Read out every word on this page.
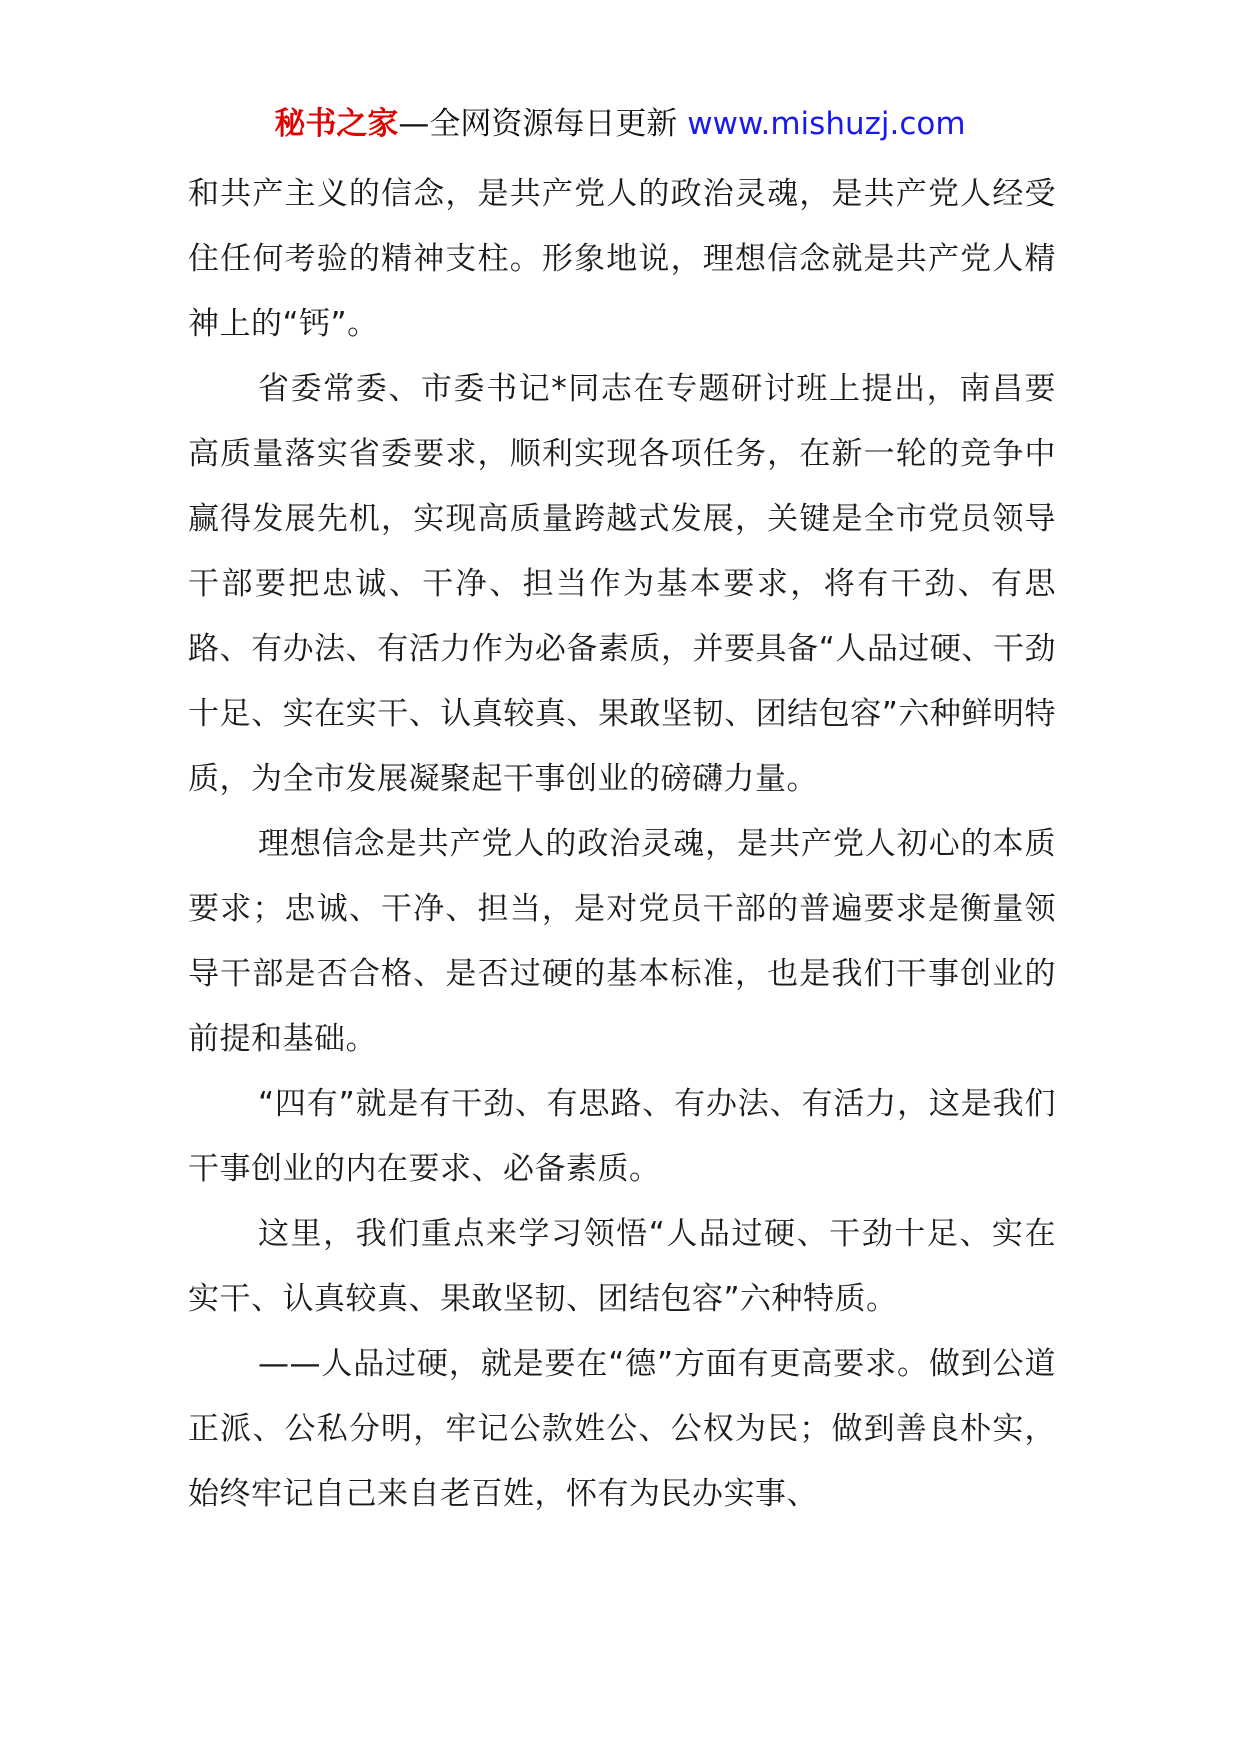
秘书之家—全网资源每日更新 www.mishuzj.com

和共产主义的信念，是共产党人的政治灵魂，是共产党人经受住任何考验的精神支柱。形象地说，理想信念就是共产党人精神上的“钙”。

省委常委、市委书记*同志在专题研讨班上提出，南昌要高质量落实省委要求，顺利实现各项任务，在新一轮的竞争中赢得发展先机，实现高质量跨越式发展，关键是全市党员领导干部要把忠诚、干净、担当作为基本要求，将有干劲、有思路、有办法、有活力作为必备素质，并要具备“人品过硬、干劲十足、实在实干、认真较真、果敢坚韧、团结包容”六种鲜明特质，为全市发展凝聚起干事创业的磅礴力量。

理想信念是共产党人的政治灵魂，是共产党人初心的本质要求；忠诚、干净、担当，是对党员干部的普遍要求是衡量领导干部是否合格、是否过硬的基本标准，也是我们干事创业的前提和基础。

“四有”就是有干劲、有思路、有办法、有活力，这是我们干事创业的内在要求、必备素质。

这里，我们重点来学习领悟“人品过硬、干劲十足、实在实干、认真较真、果敢坚韧、团结包容”六种特质。

——人品过硬，就是要在“德”方面有更高要求。做到公道正派、公私分明，牢记公款姓公、公权为民；做到善良朴实，始终牢记自己来自老百姓，怀有为民办实事、
